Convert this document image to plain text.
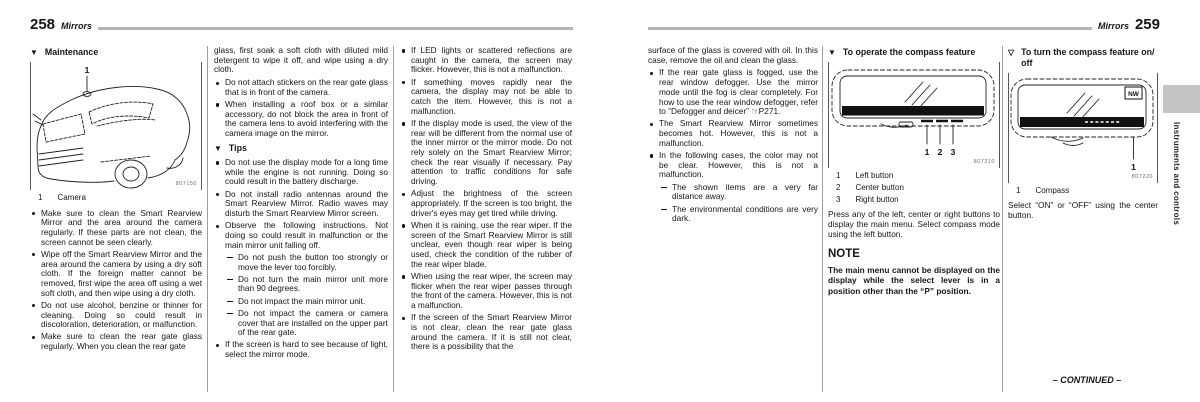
258 Mirrors	Mirrors 259
▼ Maintenance
1
807150
1 Camera
Make sure to clean the Smart Rearview Mirror and the area around the camera regularly. If these parts are not clean, the screen cannot be seen clearly.
Wipe off the Smart Rearview Mirror and the area around the camera by using a dry soft cloth. If the foreign matter cannot be removed, first wipe the area off using a wet soft cloth, and then wipe using a dry cloth.
Do not use alcohol, benzine or thinner for cleaning. Doing so could result in discoloration, deterioration, or malfunction.
Make sure to clean the rear gate glass regularly. When you clean the rear gate

glass, first soak a soft cloth with diluted mild detergent to wipe it off, and wipe using a dry cloth.

Do not attach stickers on the rear gate glass that is in front of the camera.
When installing a roof box or a similar accessory, do not block the area in front of the camera lens to avoid interfering with the camera image on the mirror.
▼ Tips
Do not use the display mode for a long time while the engine is not running. Doing so could result in the battery discharge.
Do not install radio antennas around the Smart Rearview Mirror. Radio waves may disturb the Smart Rearview Mirror screen.
Observe the following instructions. Not doing so could result in malfunction or the main mirror unit falling off.
Do not push the button too strongly or move the lever too forcibly.
Do not turn the main mirror unit more than 90 degrees.
Do not impact the main mirror unit.
Do not impact the camera or camera cover that are installed on the upper part of the rear gate.
If the screen is hard to see because of light, select the mirror mode.
If LED lights or scattered reflections are caught in the camera, the screen may flicker. However, this is not a malfunction.
If something moves rapidly near the camera, the display may not be able to catch the item. However, this is not a malfunction.
If the display mode is used, the view of the rear will be different from the normal use of the inner mirror or the mirror mode. Do not rely solely on the Smart Rearview Mirror; check the rear visually if necessary. Pay attention to traffic conditions for safe driving.
Adjust the brightness of the screen appropriately. If the screen is too bright, the driver's eyes may get tired while driving.
When it is raining, use the rear wiper. If the screen of the Smart Rearview Mirror is still unclear, even though rear wiper is being used, check the condition of the rubber of the rear wiper blade.
When using the rear wiper, the screen may flicker when the rear wiper passes through the front of the camera. However, this is not a malfunction.
If the screen of the Smart Rearview Mirror is not clear, clean the rear gate glass around the camera. If it is still not clear, there is a possibility that the

surface of the glass is covered with oil. In this case, remove the oil and clean the glass.

If the rear gate glass is fogged, use the rear window defogger. Use the mirror mode until the fog is clear completely. For how to use the rear window defogger, refer to “Defogger and deicer” ☞P271.
The Smart Rearview Mirror sometimes becomes hot. However, this is not a malfunction.
In the following cases, the color may not be clear. However, this is not a malfunction.
The shown items are a very far distance away.
The environmental conditions are very dark.
▼ To operate the compass feature
1 2 3
807210
1 Left button
2 Center button
3 Right button

Press any of the left, center or right buttons to display the main menu. Select compass mode using the left button.

NOTE

The main menu cannot be displayed on the display while the select lever is in a position other than the “P” position.

▽ To turn the compass feature on/ off
NW
1
807220
1 Compass

Select “ON” or “OFF” using the center button.	Instruments and controls
– CONTINUED –
